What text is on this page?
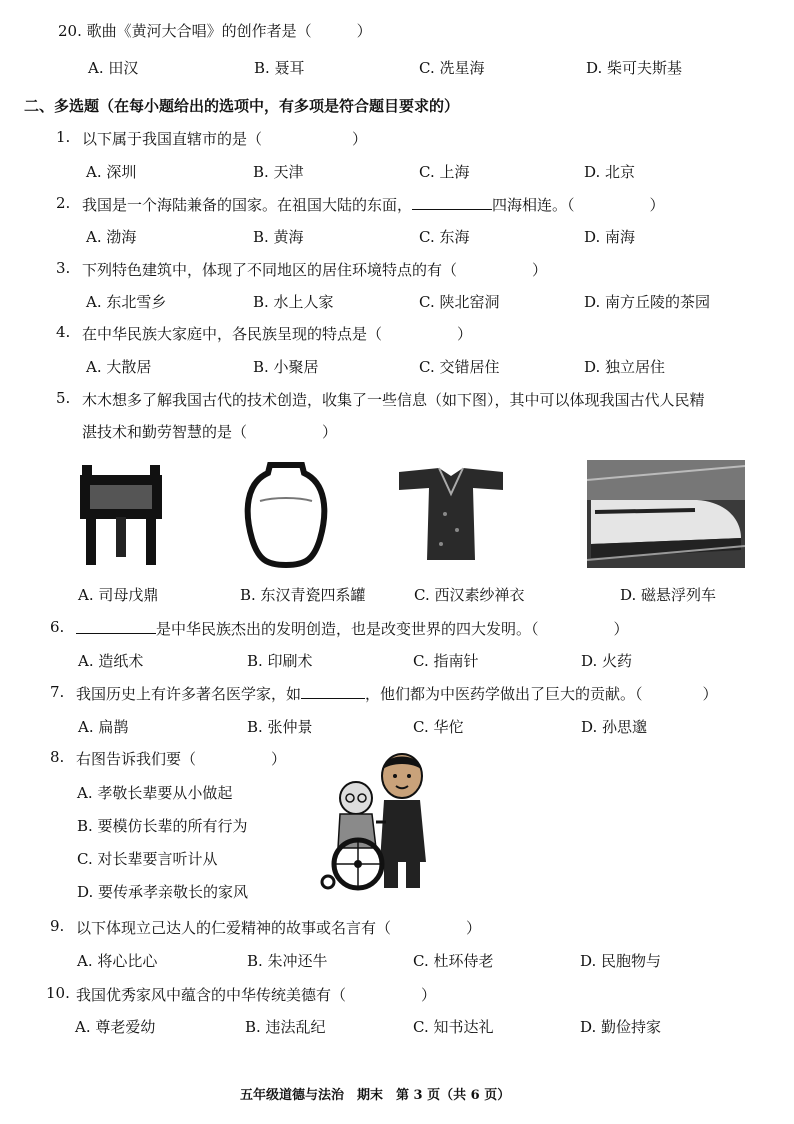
20. 歌曲《黄河大合唱》的创作者是（　　　）
A. 田汉	B. 聂耳	C. 冼星海	D. 柴可夫斯基
二、多选题（在每小题给出的选项中，有多项是符合题目要求的）
1. 以下属于我国直辖市的是（　　　　　　）
A. 深圳	B. 天津	C. 上海	D. 北京
2. 我国是一个海陆兼备的国家。在祖国大陆的东面，	四海相连。（　　　　　）
A. 渤海	B. 黄海	C. 东海	D. 南海
3. 下列特色建筑中，体现了不同地区的居住环境特点的有（　　　　　）
A. 东北雪乡	B. 水上人家	C. 陕北窑洞	D. 南方丘陵的茶园
4. 在中华民族大家庭中，各民族呈现的特点是（　　　　　）
A. 大散居	B. 小聚居	C. 交错居住	D. 独立居住
5. 木木想多了解我国古代的技术创造，收集了一些信息（如下图），其中可以体现我国古代人民精
湛技术和勤劳智慧的是（　　　　　）
A. 司母戊鼎	B. 东汉青瓷四系罐	C. 西汉素纱禅衣	D. 磁悬浮列车
6.	是中华民族杰出的发明创造，也是改变世界的四大发明。（　　　　　）
A. 造纸术	B. 印刷术	C. 指南针	D. 火药
7. 我国历史上有许多著名医学家，如	，他们都为中医药学做出了巨大的贡献。（　　　　）
A. 扁鹊	B. 张仲景	C. 华佗	D. 孙思邈
8. 右图告诉我们要（　　　　　）
A. 孝敬长辈要从小做起
B. 要模仿长辈的所有行为
C. 对长辈要言听计从
D. 要传承孝亲敬长的家风
9. 以下体现立己达人的仁爱精神的故事或名言有（　　　　　）
A. 将心比心	B. 朱冲还牛	C. 杜环侍老	D. 民胞物与
10. 我国优秀家风中蕴含的中华传统美德有（　　　　　）
A. 尊老爱幼	B. 违法乱纪	C. 知书达礼	D. 勤俭持家
五年级道德与法治　期末　第 3 页（共 6 页）
